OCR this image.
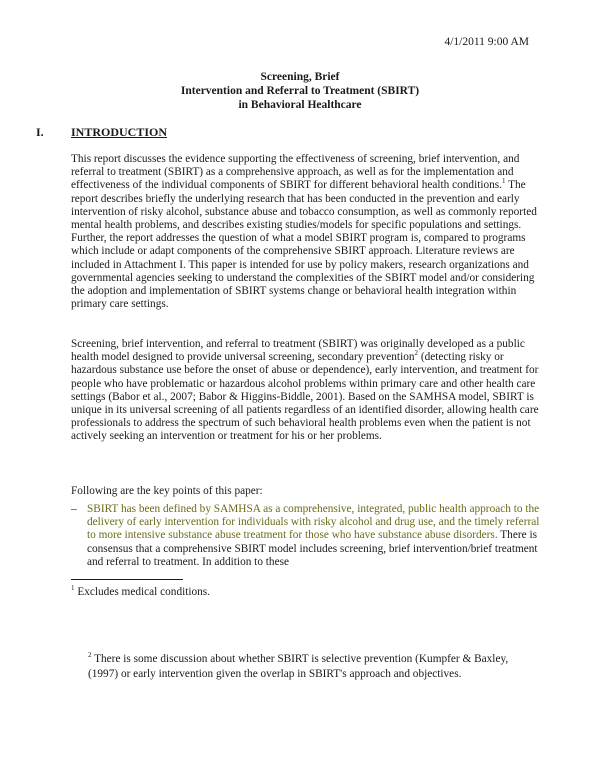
4/1/2011 9:00 AM
Screening, Brief
Intervention and Referral to Treatment (SBIRT)
in Behavioral Healthcare
I. INTRODUCTION
This report discusses the evidence supporting the effectiveness of screening, brief intervention, and referral to treatment (SBIRT) as a comprehensive approach, as well as for the implementation and effectiveness of the individual components of SBIRT for different behavioral health conditions.$^1$ The report describes briefly the underlying research that has been conducted in the prevention and early intervention of risky alcohol, substance abuse and tobacco consumption, as well as commonly reported mental health problems, and describes existing studies/models for specific populations and settings. Further, the report addresses the question of what a model SBIRT program is, compared to programs which include or adapt components of the comprehensive SBIRT approach. Literature reviews are included in Attachment I. This paper is intended for use by policy makers, research organizations and governmental agencies seeking to understand the complexities of the SBIRT model and/or considering the adoption and implementation of SBIRT systems change or behavioral health integration within primary care settings.
Screening, brief intervention, and referral to treatment (SBIRT) was originally developed as a public health model designed to provide universal screening, secondary prevention$^2$ (detecting risky or hazardous substance use before the onset of abuse or dependence), early intervention, and treatment for people who have problematic or hazardous alcohol problems within primary care and other health care settings (Babor et al., 2007; Babor & Higgins-Biddle, 2001). Based on the SAMHSA model, SBIRT is unique in its universal screening of all patients regardless of an identified disorder, allowing health care professionals to address the spectrum of such behavioral health problems even when the patient is not actively seeking an intervention or treatment for his or her problems.
Following are the key points of this paper:
– SBIRT has been defined by SAMHSA as a comprehensive, integrated, public health approach to the delivery of early intervention for individuals with risky alcohol and drug use, and the timely referral to more intensive substance abuse treatment for those who have substance abuse disorders. There is consensus that a comprehensive SBIRT model includes screening, brief intervention/brief treatment and referral to treatment. In addition to these
$^1$ Excludes medical conditions.
$^2$ There is some discussion about whether SBIRT is selective prevention (Kumpfer & Baxley, (1997) or early intervention given the overlap in SBIRT's approach and objectives.
